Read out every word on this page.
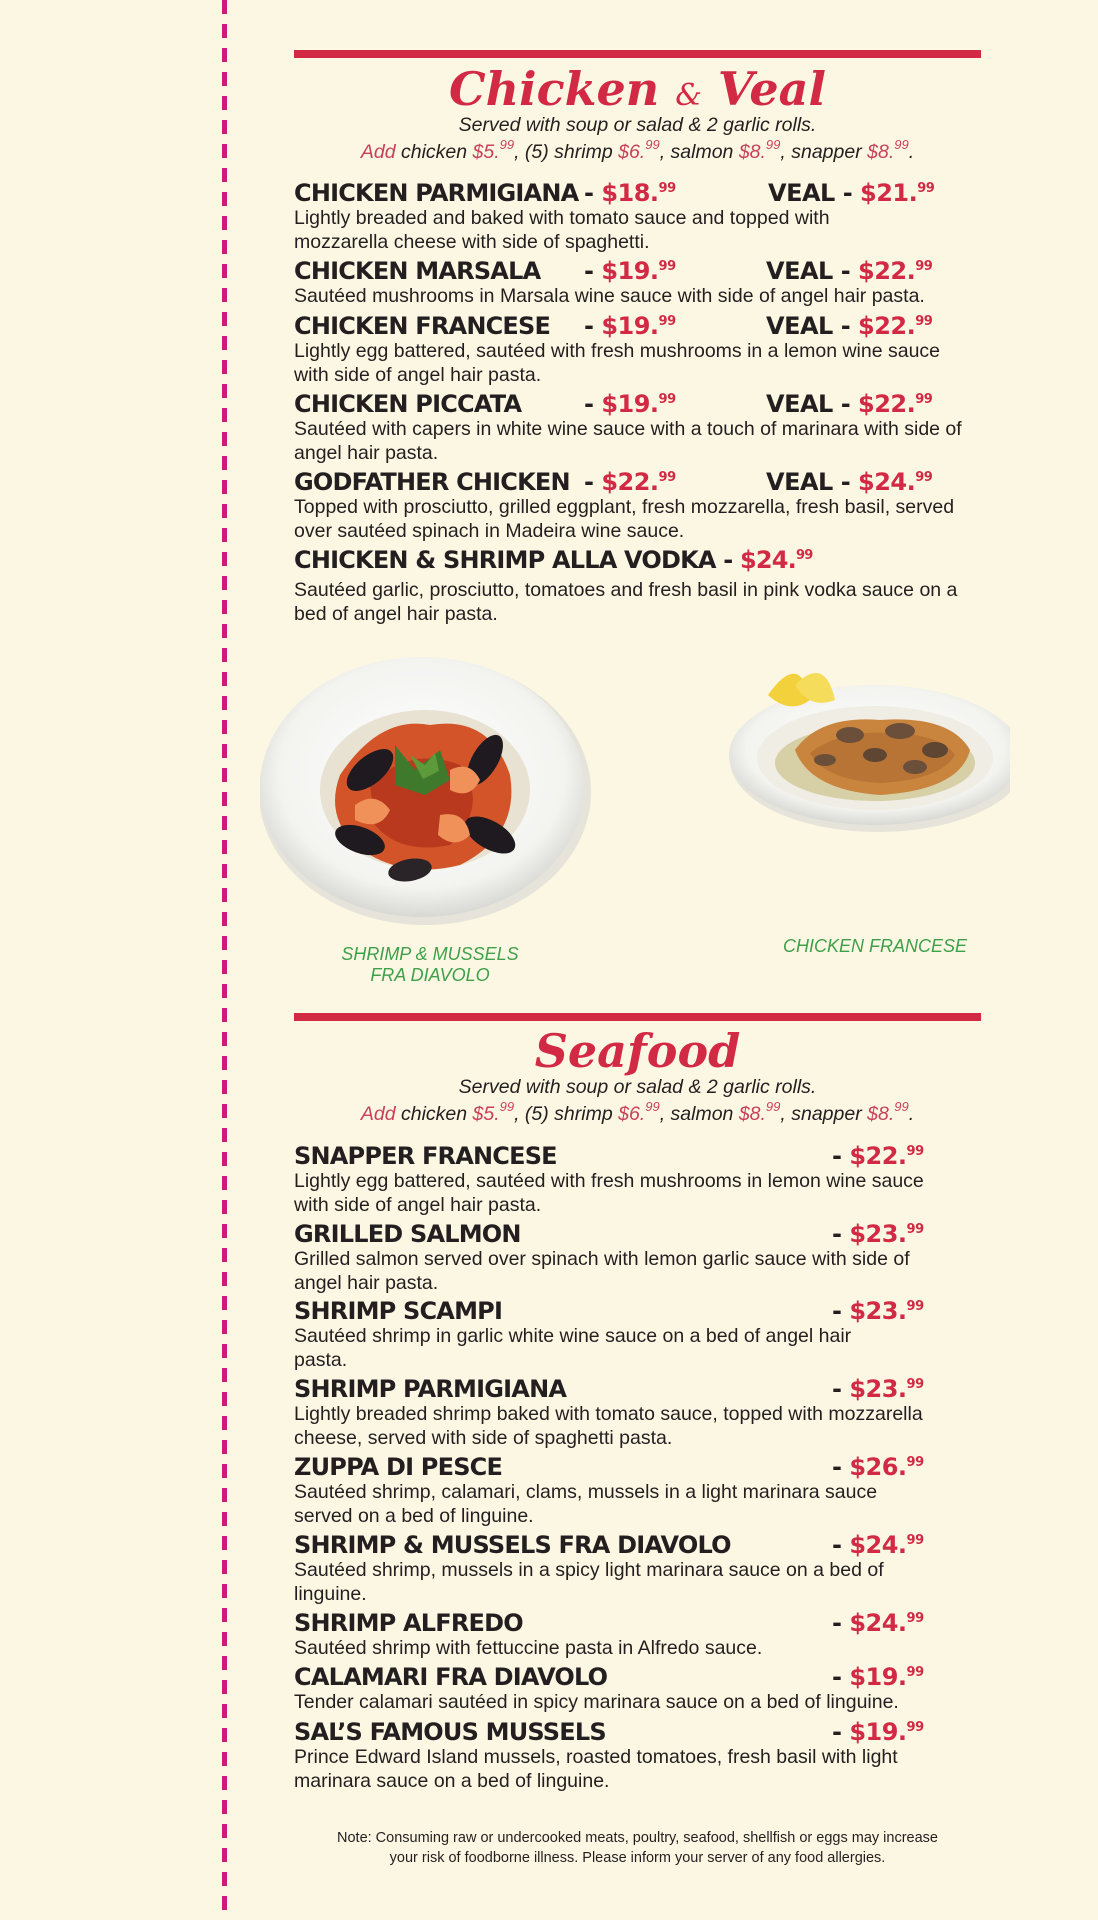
Chicken & Veal
Served with soup or salad & 2 garlic rolls.
Add chicken $5.99, (5) shrimp $6.99, salmon $8.99, snapper $8.99.
CHICKEN PARMIGIANA - $18.99	VEAL - $21.99
Lightly breaded and baked with tomato sauce and topped with mozzarella cheese with side of spaghetti.
CHICKEN MARSALA	- $19.99	VEAL - $22.99
Sautéed mushrooms in Marsala wine sauce with side of angel hair pasta.
CHICKEN FRANCESE	- $19.99	VEAL - $22.99
Lightly egg battered, sautéed with fresh mushrooms in a lemon wine sauce with side of angel hair pasta.
CHICKEN PICCATA	- $19.99	VEAL - $22.99
Sautéed with capers in white wine sauce with a touch of marinara with side of angel hair pasta.
GODFATHER CHICKEN - $22.99	VEAL - $24.99
Topped with prosciutto, grilled eggplant, fresh mozzarella, fresh basil, served over sautéed spinach in Madeira wine sauce.
CHICKEN & SHRIMP ALLA VODKA - $24.99
Sautéed garlic, prosciutto, tomatoes and fresh basil in pink vodka sauce on a bed of angel hair pasta.
SHRIMP & MUSSELS
FRA DIAVOLO
CHICKEN FRANCESE
Seafood
Served with soup or salad & 2 garlic rolls.
Add chicken $5.99, (5) shrimp $6.99, salmon $8.99, snapper $8.99.
SNAPPER FRANCESE	- $22.99
Lightly egg battered, sautéed with fresh mushrooms in lemon wine sauce with side of angel hair pasta.
GRILLED SALMON	- $23.99
Grilled salmon served over spinach with lemon garlic sauce with side of angel hair pasta.
SHRIMP SCAMPI	- $23.99
Sautéed shrimp in garlic white wine sauce on a bed of angel hair pasta.
SHRIMP PARMIGIANA	- $23.99
Lightly breaded shrimp baked with tomato sauce, topped with mozzarella cheese, served with side of spaghetti pasta.
ZUPPA DI PESCE	- $26.99
Sautéed shrimp, calamari, clams, mussels in a light marinara sauce served on a bed of linguine.
SHRIMP & MUSSELS FRA DIAVOLO	- $24.99
Sautéed shrimp, mussels in a spicy light marinara sauce on a bed of linguine.
SHRIMP ALFREDO	- $24.99
Sautéed shrimp with fettuccine pasta in Alfredo sauce.
CALAMARI FRA DIAVOLO	- $19.99
Tender calamari sautéed in spicy marinara sauce on a bed of linguine.
SAL’S FAMOUS MUSSELS	- $19.99
Prince Edward Island mussels, roasted tomatoes, fresh basil with light marinara sauce on a bed of linguine.
Note: Consuming raw or undercooked meats, poultry, seafood, shellfish or eggs may increase
your risk of foodborne illness. Please inform your server of any food allergies.
